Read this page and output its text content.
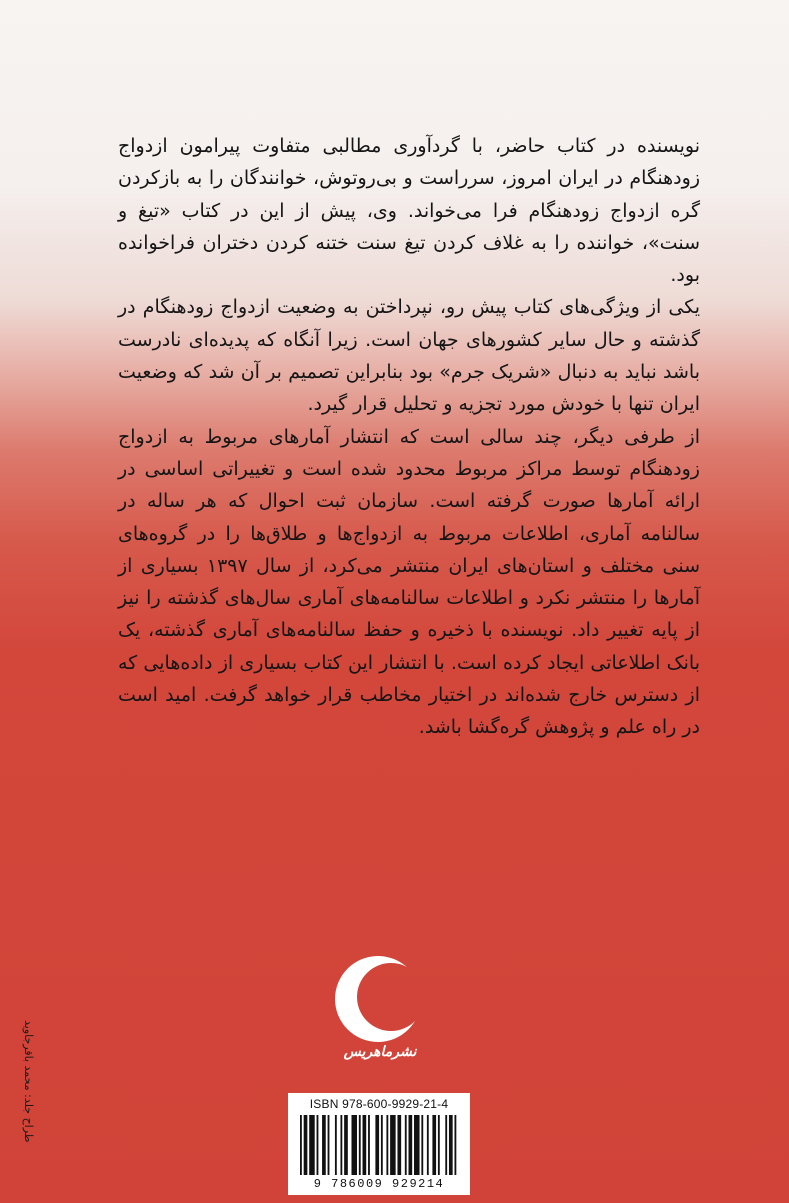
نویسنده در کتاب حاضر، با گردآوری مطالبی متفاوت پیرامون ازدواج زودهنگام در ایران امروز، سرراست و بی‌روتوش، خوانندگان را به بازکردن گره ازدواج زودهنگام فرا می‌خواند. وی، پیش از این در کتاب «تیغ و سنت»، خواننده را به غلاف کردن تیغ سنت ختنه کردن دختران فراخوانده بود.

یکی از ویژگی‌های کتاب پیش رو، نپرداختن به وضعیت ازدواج زودهنگام در گذشته و حال سایر کشورهای جهان است. زیرا آنگاه که پدیده‌ای نادرست باشد نباید به دنبال «شریک جرم» بود بنابراین تصمیم بر آن شد که وضعیت ایران تنها با خودش مورد تجزیه و تحلیل قرار گیرد.

از طرفی دیگر، چند سالی است که انتشار آمارهای مربوط به ازدواج زودهنگام توسط مراکز مربوط محدود شده است و تغییراتی اساسی در ارائه آمارها صورت گرفته است. سازمان ثبت احوال که هر ساله در سالنامه آماری، اطلاعات مربوط به ازدواج‌ها و طلاق‌ها را در گروه‌های سنی مختلف و استان‌های ایران منتشر می‌کرد، از سال ۱۳۹۷ بسیاری از آمارها را منتشر نکرد و اطلاعات سالنامه‌های آماری سال‌های گذشته را نیز از پایه تغییر داد. نویسنده با ذخیره و حفظ سالنامه‌های آماری گذشته، یک بانک اطلاعاتی ایجاد کرده است. با انتشار این کتاب بسیاری از داده‌هایی که از دسترس خارج شده‌اند در اختیار مخاطب قرار خواهد گرفت. امید است در راه علم و پژوهش گره‌گشا باشد.

نشرماهریس
طراح جلد: محمد باقرجاوید	ISBN 978-600-9929-21-4
9 786009 929214
